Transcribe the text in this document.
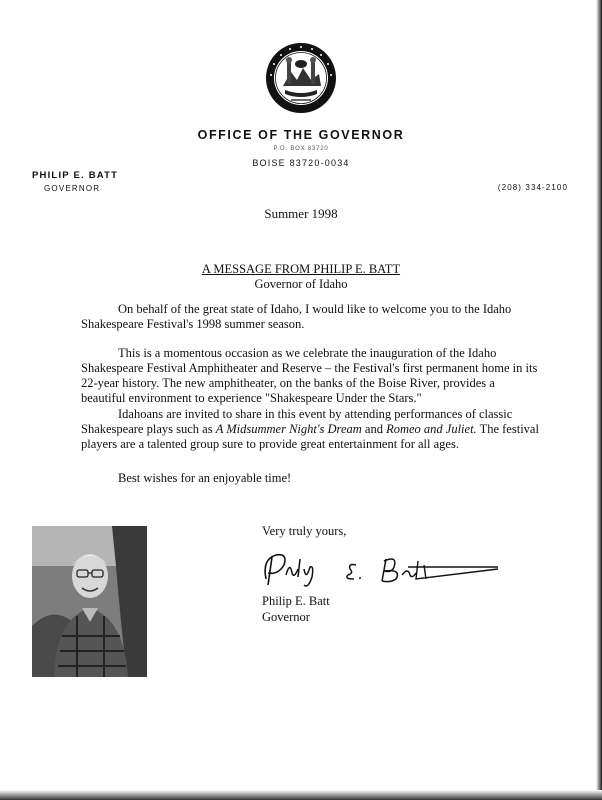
OFFICE OF THE GOVERNOR
P.O. BOX 83720
BOISE 83720-0034
PHILIP E. BATT
GOVERNOR	(208) 334-2100
Summer 1998
A MESSAGE FROM PHILIP E. BATT
Governor of Idaho

On behalf of the great state of Idaho, I would like to welcome you to the Idaho Shakespeare Festival's 1998 summer season.

This is a momentous occasion as we celebrate the inauguration of the Idaho Shakespeare Festival Amphitheater and Reserve – the Festival's first permanent home in its 22-year history. The new amphitheater, on the banks of the Boise River, provides a beautiful environment to experience "Shakespeare Under the Stars."

Idahoans are invited to share in this event by attending performances of classic Shakespeare plays such as A Midsummer Night's Dream and Romeo and Juliet. The festival players are a talented group sure to provide great entertainment for all ages.

Best wishes for an enjoyable time!
Very truly yours,
Philip E. Batt
Governor
